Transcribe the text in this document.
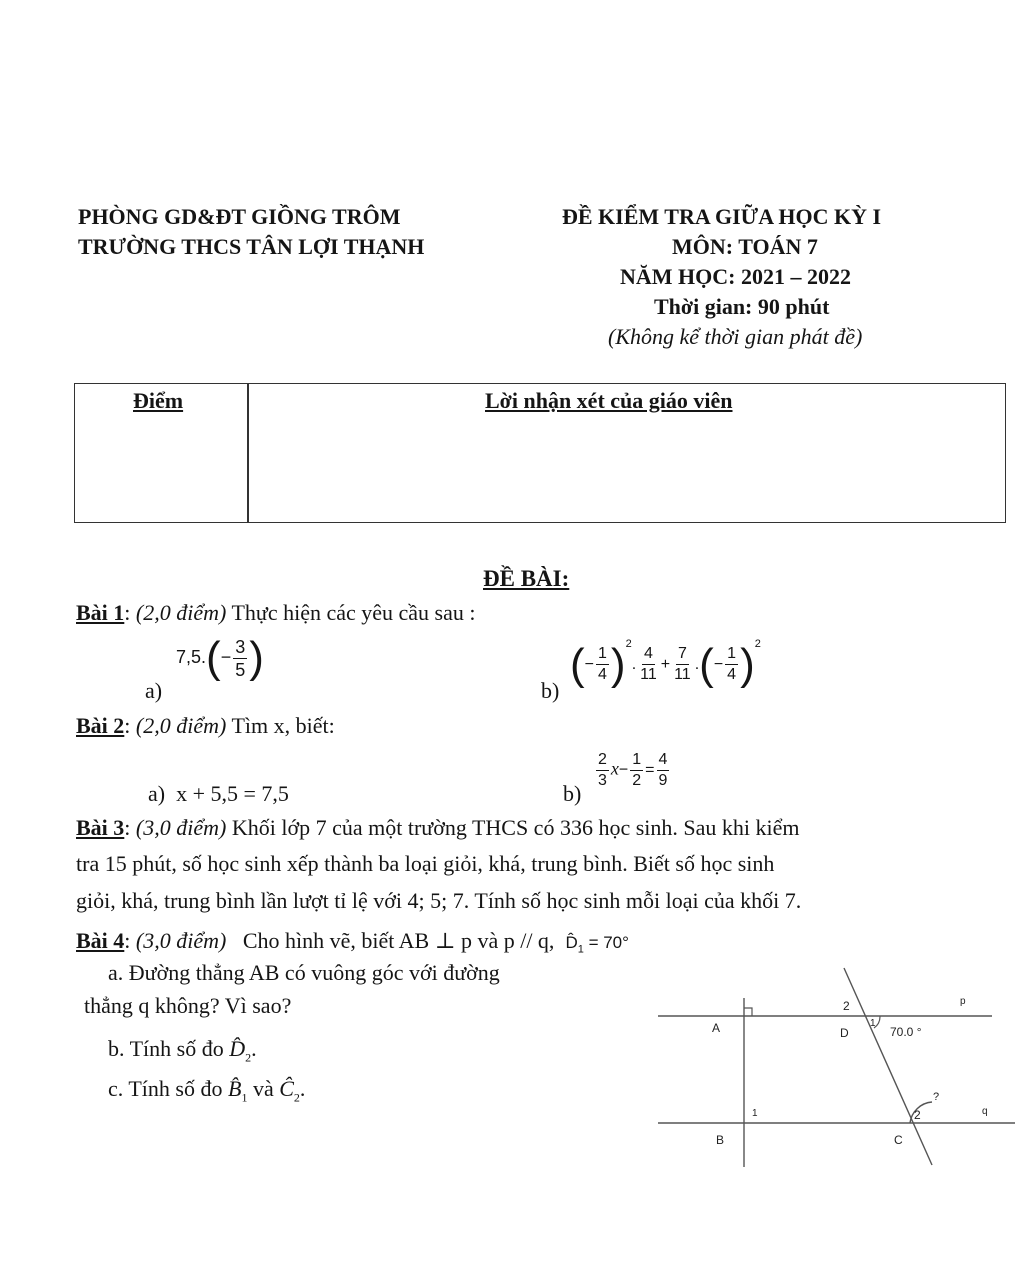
PHÒNG GD&ĐT GIỒNG TRÔM
TRƯỜNG THCS TÂN LỢI THẠNH
ĐỀ KIỂM TRA GIỮA HỌC KỲ I
MÔN: TOÁN 7
NĂM HỌC: 2021 – 2022
Thời gian: 90 phút
(Không kể thời gian phát đề)
Điểm	Lời nhận xét của giáo viên
ĐỀ BÀI:
Bài 1: (2,0 điểm) Thực hiện các yêu cầu sau :
a)
$7,5.(- \frac{3}{5}$ )
b)
(− $\frac{1}{4} )^2$. $\frac{4}{11} + \frac{7}{11}$ .(− $\frac{1}{4} )^2$
Bài 2: (2,0 điểm) Tìm x, biết:
a) x + 5,5 = 7,5	b)
$\frac{2}{3} x- \frac{1}{2} = \frac{4}{9}$
Bài 3: (3,0 điểm) Khối lớp 7 của một trường THCS có 336 học sinh. Sau khi kiểm
tra 15 phút, số học sinh xếp thành ba loại giỏi, khá, trung bình. Biết số học sinh
giỏi, khá, trung bình lần lượt tỉ lệ với 4; 5; 7. Tính số học sinh mỗi loại của khối 7.
Bài 4: (3,0 điểm) Cho hình vẽ, biết AB ⊥ p và p // q, $D̂_1 = 70^\circ$
a. Đường thẳng AB có vuông góc với đường
thẳng q không? Vì sao?
b. Tính số đo $D̂_2$.
c. Tính số đo $B̂_1$ và $Ĉ_2$.
A
B	C
D
p
q
2
1
1	2
70.0 °
?
